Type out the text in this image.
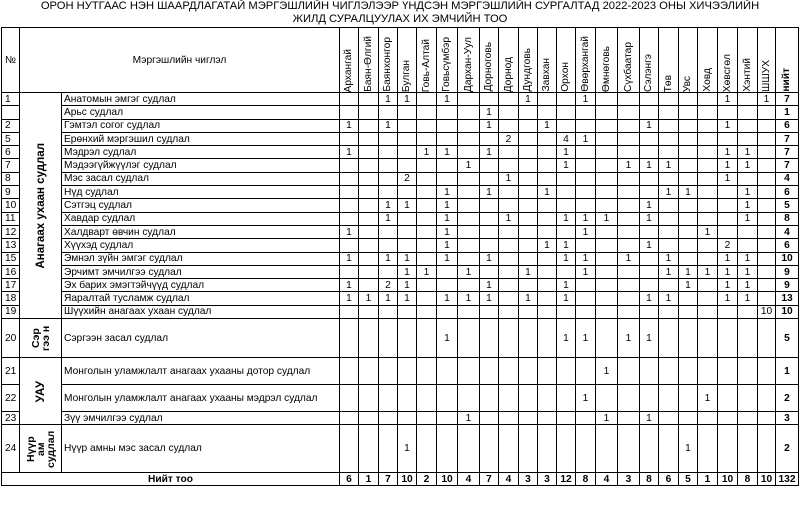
ОРОН НУТГААС НЭН ШААРДЛАГАТАЙ МЭРГЭШЛИЙН ЧИГЛЭЛЭЭР ҮНДСЭН МЭРГЭШЛИЙН СУРГАЛТАД 2022-2023 ОНЫ ХИЧЭЭЛИЙН
ЖИЛД СУРАЛЦУУЛАХ ИХ ЭМЧИЙН ТОО
№	Мэргэшлийн чиглэл		Архангай	Баян-Өлгий	Баянхонгор	Булган	Говь-Алтай	Говьсүмбэр	Дархан-Уул	Дорноговь	Дорнод	Дундговь	Завхан	Орхон	Өвөрхангай	Өмнөговь	Сүхбаатар	Сэлэнгэ	Төв	Увс	Ховд	Хөвсгөл	Хэнтий	ШШУХ	нийт

1	Анагаах ухаан судлал	Анатомын эмгэг судлал			1	1		1				1			1							1		1	7
		Арьс судлал								1															1
2		Гэмтэл согог судлал	1		1					1			1					1				1			6
5		Ерөнхий мэргэшил судлал									2			4	1										7
6		Мэдрэл судлал	1				1	1		1				1								1	1		7
7		Мэдээгүйжүүлэг судлал							1					1			1	1	1			1	1		7
8		Мэс засал судлал				2					1											1			4
9		Нүд судлал						1		1			1						1	1			1		6
10		Сэтгэц судлал			1	1		1										1					1		5
11		Хавдар судлал			1			1			1			1	1	1		1					1		8
12		Халдварт өвчин судлал	1					1							1						1				4
13		Хүүхэд судлал						1					1	1				1				2			6
15		Эмнэл зүйн эмгэг судлал	1		1	1		1		1				1	1		1		1			1	1		10
16		Эрчимт эмчилгээ судлал				1	1		1			1			1				1	1	1	1	1		9
17		Эх барих эмэгтэйчүүд судлал	1		2	1				1				1						1		1	1		9
18		Яаралтай тусламж судлал	1	1	1	1		1	1	1		1		1				1	1			1	1		13
19		Шүүхийн анагаах ухаан судлал																						10	10
20	Сэр гээ н	Сэргээн засал судлал						1						1	1		1	1							5
21	УАУ	Монголын уламжлалт анагаах ухааны дотор судлал														1									1
22		Монголын уламжлалт анагаах ухааны мэдрэл судлал													1						1				2
23		Зүү эмчилгээ судлал							1							1		1							3
24	Нүүр ам судлал	Нүүр амны мэс засал судлал				1														1					2
Нийт тоо			6	1	7	10	2	10	4	7	4	3	3	12	8	4	3	8	6	5	1	10	8	10	132
